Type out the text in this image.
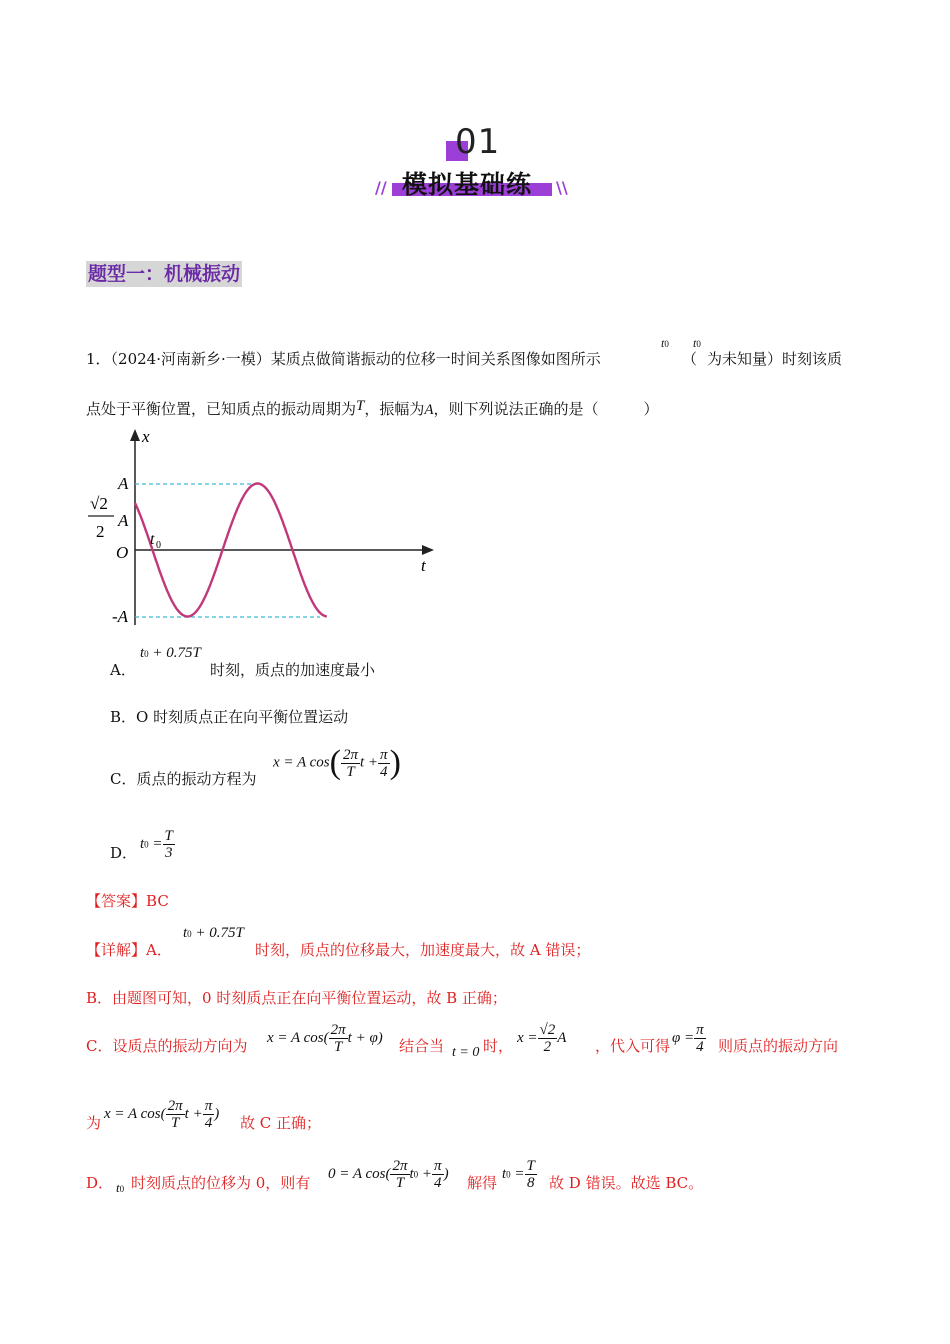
01
模拟基础练
//	\\
题型一：机械振动
1．（2024·河南新乡·一模）某质点做简谐振动的位移一时间关系图像如图所示
t0
（
t0
为未知量）时刻该质
点处于平衡位置，已知质点的振动周期为T，振幅为A，则下列说法正确的是（　　　）
x
t
A
-A
O
√2
2
A
t 0
A．
t0 + 0.75T
时刻，质点的加速度最小
B．O 时刻质点正在向平衡位置运动
C．质点的振动方程为
x = A $\cos( \frac{2\pi}{T}$ $t + \frac{\pi}{4}$ )
D． $t0 = \frac{T}{3}$
【答案】BC
【详解】A．
t0 + 0.75T
时刻，质点的位移最大，加速度最大，故 A 错误；
B．由题图可知，0 时刻质点正在向平衡位置运动，故 B 正确；
C．设质点的振动方向为 x = A $\cos( \frac{2\pi}{T}$ t + φ) 结合当 t = 0 时， $x = \frac{√2}{2}$ A ，代入可得 $\varphi = \frac{\pi}{4}$ 则质点的振动方向
为 x = A $\cos( \frac{2\pi}{T}$ $t + \frac{\pi}{4}$ ) 故 C 正确；
D． t0 时刻质点的位移为 0，则有 0 = A $\cos( \frac{2\pi}{T} t0 + \frac{\pi}{4}$ ) 解得 $t0 = \frac{T}{8}$ 故 D 错误。故选 BC。
